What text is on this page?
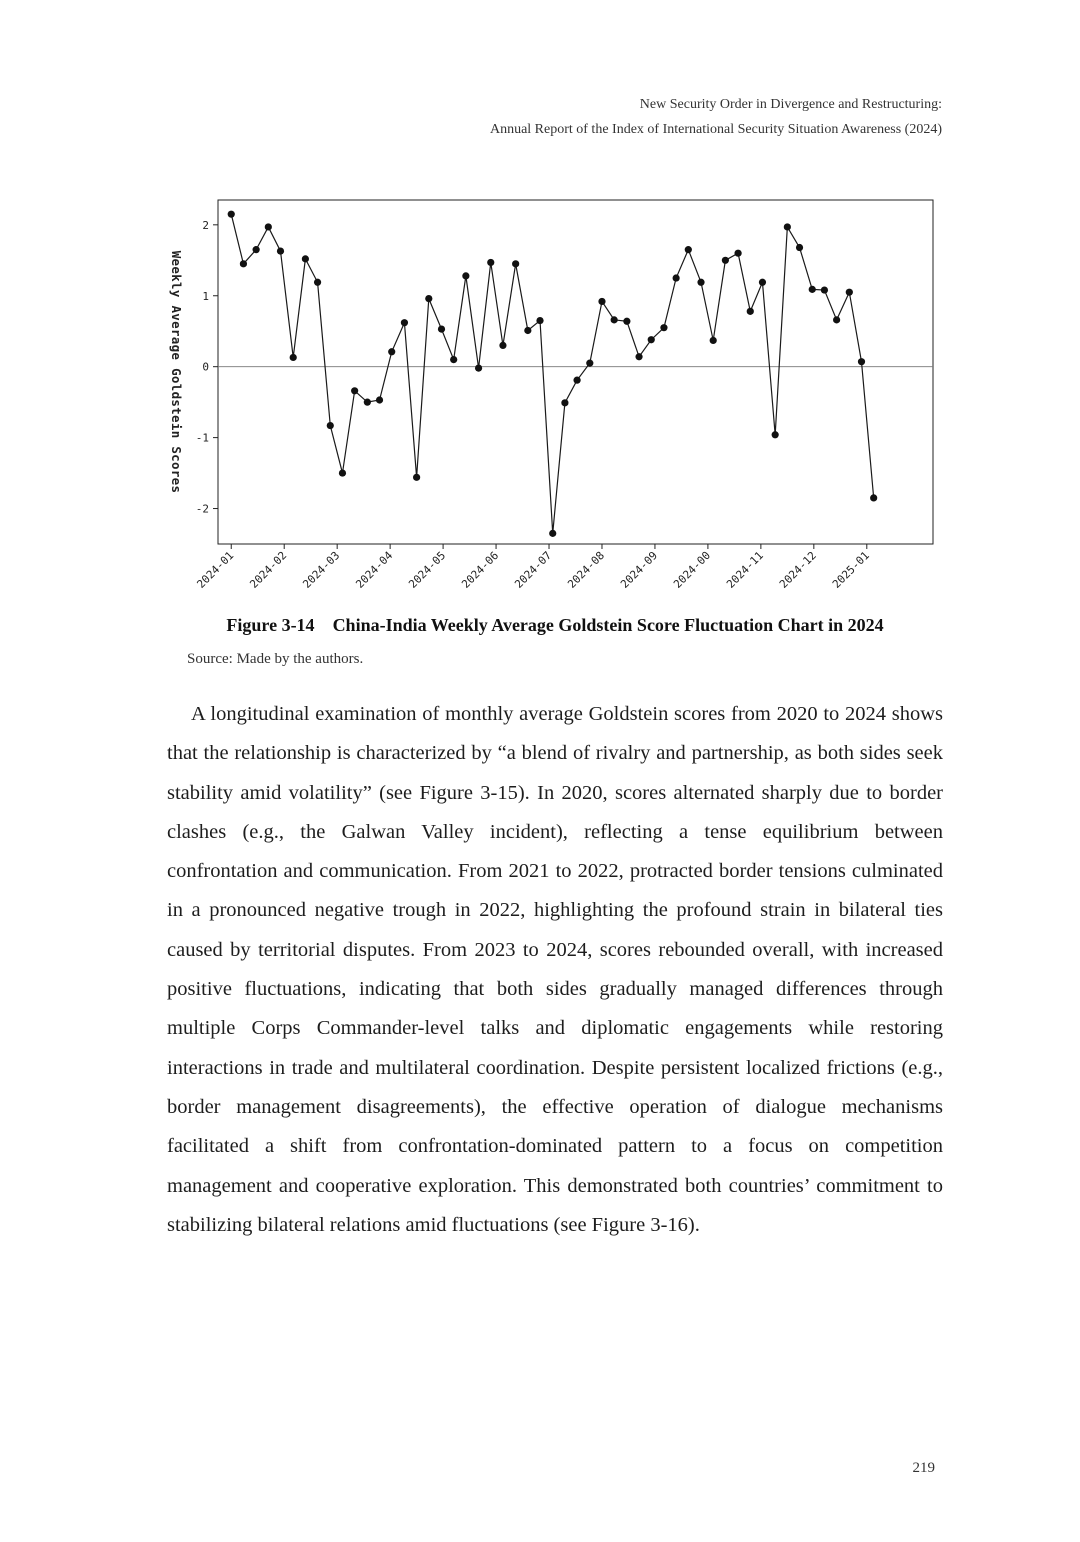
New Security Order in Divergence and Restructuring:
Annual Report of the Index of International Security Situation Awareness (2024)
2
1
0
-1
-2
2024-01 2024-02 2024-03 2024-04 2024-05 2024-06 2024-07 2024-08 2024-09 2024-00 2024-11 2024-12 2025-01
Weekly Average Goldstein Scores
Figure 3-14 China-India Weekly Average Goldstein Score Fluctuation Chart in 2024
Source: Made by the authors.

A longitudinal examination of monthly average Goldstein scores from 2020 to 2024 shows that the relationship is characterized by “a blend of rivalry and partnership, as both sides seek stability amid volatility” (see Figure 3-15). In 2020, scores alternated sharply due to border clashes (e.g., the Galwan Valley incident), reflecting a tense equilibrium between confrontation and communication. From 2021 to 2022, protracted border tensions culminated in a pronounced negative trough in 2022, highlighting the profound strain in bilateral ties caused by territorial disputes. From 2023 to 2024, scores rebounded overall, with increased positive fluctuations, indicating that both sides gradually managed differences through multiple Corps Commander-level talks and diplomatic engagements while restoring interactions in trade and multilateral coordination. Despite persistent localized frictions (e.g., border management disagreements), the effective operation of dialogue mechanisms facilitated a shift from confrontation-dominated pattern to a focus on competition management and cooperative exploration. This demonstrated both countries’ commitment to stabilizing bilateral relations amid fluctuations (see Figure 3-16).

219
